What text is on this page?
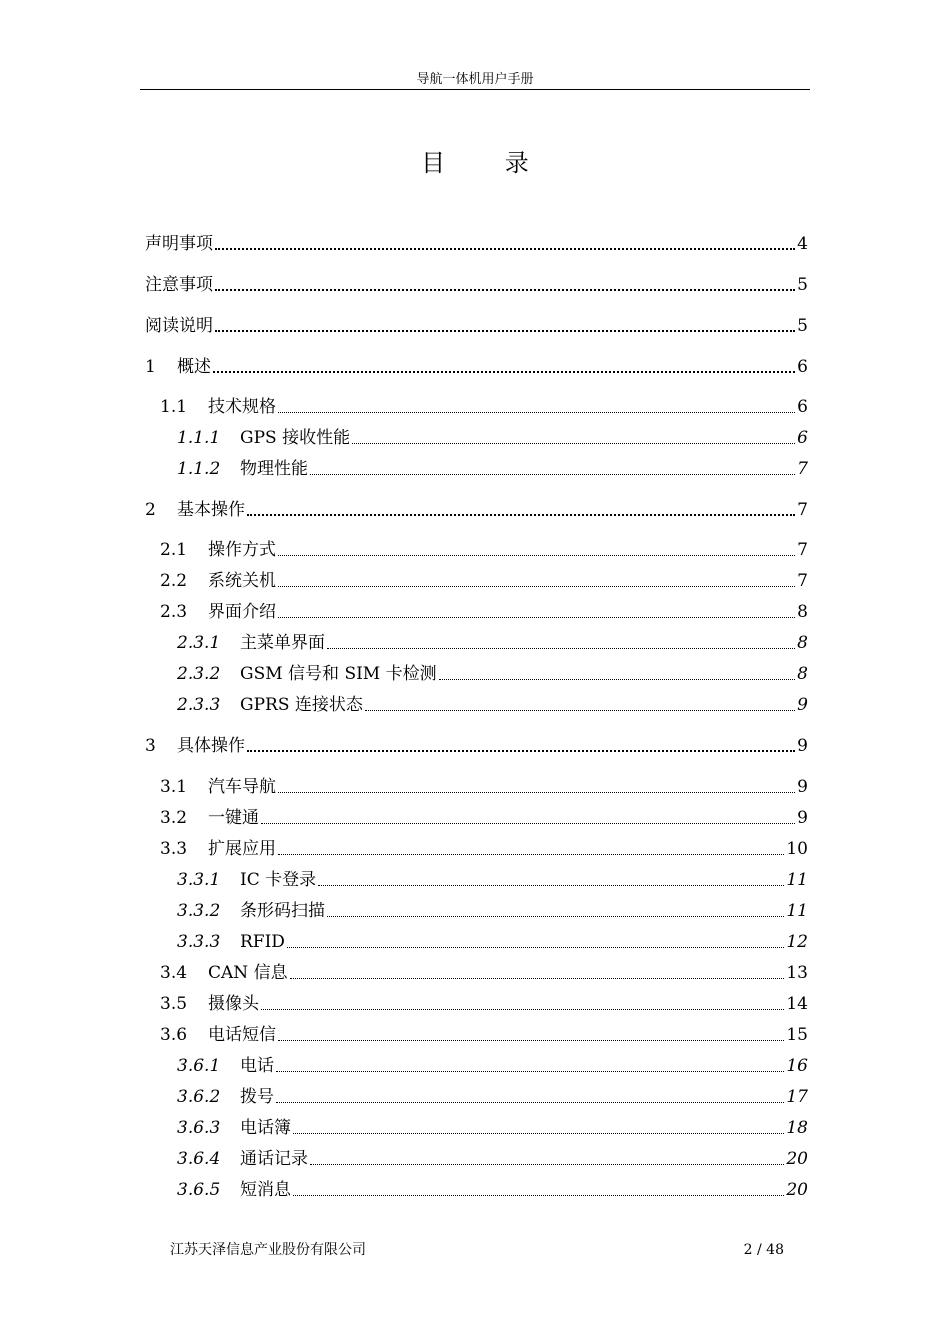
导航一体机用户手册
目 录
声明事项	4
注意事项	5
阅读说明	5
1	概述	6
1.1	技术规格	6
1.1.1	GPS 接收性能	6
1.1.2	物理性能	7
2	基本操作	7
2.1	操作方式	7
2.2	系统关机	7
2.3	界面介绍	8
2.3.1	主菜单界面	8
2.3.2	GSM 信号和 SIM 卡检测	8
2.3.3	GPRS 连接状态	9
3	具体操作	9
3.1	汽车导航	9
3.2	一键通	9
3.3	扩展应用	10
3.3.1	IC 卡登录	11
3.3.2	条形码扫描	11
3.3.3	RFID	12
3.4	CAN 信息	13
3.5	摄像头	14
3.6	电话短信	15
3.6.1	电话	16
3.6.2	拨号	17
3.6.3	电话簿	18
3.6.4	通话记录	20
3.6.5	短消息	20
江苏天泽信息产业股份有限公司	2 / 48
